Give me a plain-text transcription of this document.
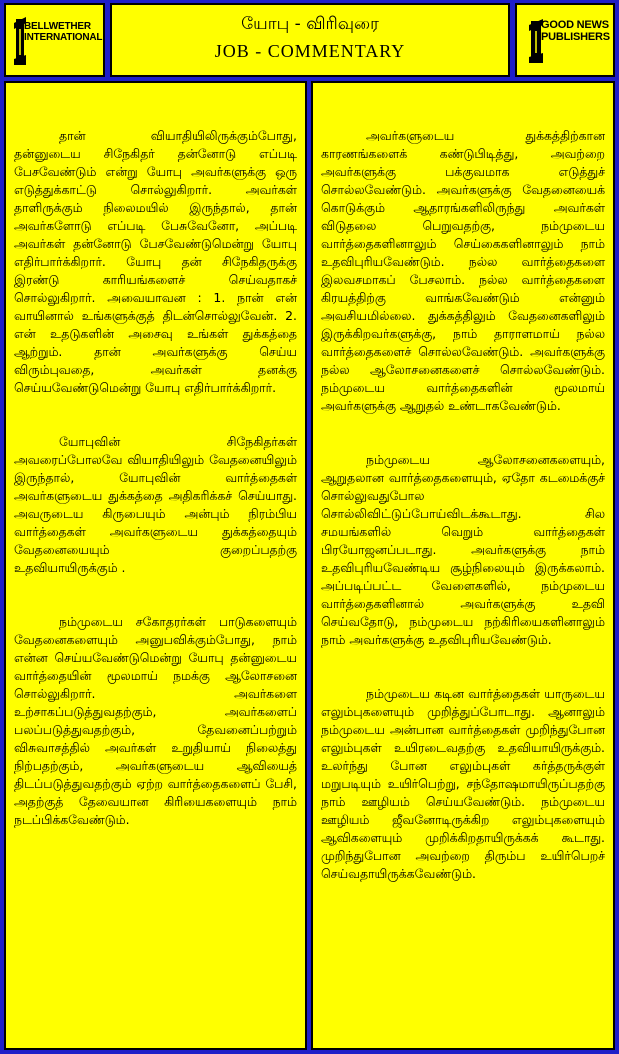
BELLWETHER
INTERNATIONAL
யோபு - விரிவுரை
JOB - COMMENTARY
GOOD NEWS
PUBLISHERS

தான் வியாதியிலிருக்கும்போது, தன்னுடைய சிநேகிதர் தன்னோடு எப்படி பேசவேண்டும் என்று யோபு அவர்களுக்கு ஒரு எடுத்துக்காட்டு சொல்லுகிறார். அவர்கள் தாளிருக்கும் நிலைமயில் இருந்தால், தான் அவர்களோடு எப்படி பேசுவேனோ, அப்படி அவர்கள் தன்னோடு பேசவேண்டுமென்று யோபு எதிர்பார்க்கிறார். யோபு தன் சிநேகிதருக்கு இரண்டு காரியங்களைச் செய்வதாகச் சொல்லுகிறார். அவையாவன : 1. நான் என் வாயினால் உங்களுக்குத் திடன்சொல்லுவேன். 2. என் உதடுகளின் அசைவு உங்கள் துக்கத்தை ஆற்றும். தான் அவர்களுக்கு செய்ய விரும்புவதை, அவர்கள் தனக்கு செய்யவேண்டுமென்று யோபு எதிர்பார்க்கிறார்.

யோபுவின் சிநேகிதர்கள் அவரைப்போலவே வியாதியிலும் வேதனையிலும் இருந்தால், யோபுவின் வார்த்தைகள் அவர்களுடைய துக்கத்தை அதிகரிக்கச் செய்யாது. அவருடைய கிருபையும் அன்பும் நிரம்பிய வார்த்தைகள் அவர்களுடைய துக்கத்தையும் வேதனையையும் குறைப்பதற்கு உதவியாயிருக்கும் .

நம்முடைய சகோதரர்கள் பாடுகளையும் வேதனைகளையும் அனுபவிக்கும்போது, நாம் என்ன செய்யவேண்டுமென்று யோபு தன்னுடைய வார்த்தையின் மூலமாய் நமக்கு ஆலோசனை சொல்லுகிறார். அவர்களை உற்சாகப்படுத்துவதற்கும், அவர்களைப் பலப்படுத்துவதற்கும், தேவனைப்பற்றும் விசுவாசத்தில் அவர்கள் உறுதியாய் நிலைத்து நிற்பதற்கும், அவர்களுடைய ஆவியைத் திடப்படுத்துவதற்கும் ஏற்ற வார்த்தைகளைப் பேசி, அதற்குத் தேவையான கிரியைகளையும் நாம் நடப்பிக்கவேண்டும்.

அவர்களுடைய துக்கத்திற்கான காரணங்களைக் கண்டுபிடித்து, அவற்றை அவர்களுக்கு பக்குவமாக எடுத்துச் சொல்லவேண்டும். அவர்களுக்கு வேதனையைக் கொடுக்கும் ஆதாரங்களிலிருந்து அவர்கள் விடுதலை பெறுவதற்கு, நம்முடைய வார்த்தைகளினாலும் செய்கைகளினாலும் நாம் உதவிபுரியவேண்டும். நல்ல வார்த்தைகளை இலவசமாகப் பேசலாம். நல்ல வார்த்தைகளை கிரயத்திற்கு வாங்கவேண்டும் என்னும் அவசியமில்லை. துக்கத்திலும் வேதனைகளிலும் இருக்கிறவர்களுக்கு, நாம் தாராளமாய் நல்ல வார்த்தைகளைச் சொல்லவேண்டும். அவர்களுக்கு நல்ல ஆலோசனைகளைச் சொல்லவேண்டும். நம்முடைய வார்த்தைகளின் மூலமாய் அவர்களுக்கு ஆறுதல் உண்டாகவேண்டும்.

நம்முடைய ஆலோசனைகளையும், ஆறுதலான வார்த்தைகளையும், ஏதோ கடமைக்குச் சொல்லுவதுபோல சொல்லிவிட்டுப்போய்விடக்கூடாது. சில சமயங்களில் வெறும் வார்த்தைகள் பிரயோஜனப்படாது. அவர்களுக்கு நாம் உதவிபுரியவேண்டிய சூழ்நிலையும் இருக்கலாம். அப்படிப்பட்ட வேளைகளில், நம்முடைய வார்த்தைகளினால் அவர்களுக்கு உதவி செய்வதோடு, நம்முடைய நற்கிரியைகளினாலும் நாம் அவர்களுக்கு உதவிபுரியவேண்டும்.

நம்முடைய கடின வார்த்தைகள் யாருடைய எலும்புகளையும் முறித்துப்போடாது. ஆனாலும் நம்முடைய அன்பான வார்த்தைகள் முறிந்துபோன எலும்புகள் உயிரடைவதற்கு உதவியாயிருக்கும். உலர்ந்து போன எலும்புகள் கர்த்தருக்குள் மறுபடியும் உயிர்பெற்று, சந்தோஷமாயிருப்பதற்கு நாம் ஊழியம் செய்யவேண்டும். நம்முடைய ஊழியம் ஜீவனோடிருக்கிற எலும்புகளையும் ஆவிகளையும் முறிக்கிறதாயிருக்கக் கூடாது. முறிந்துபோன அவற்றை திரும்ப உயிர்பெறச் செய்வதாயிருக்கவேண்டும்.
